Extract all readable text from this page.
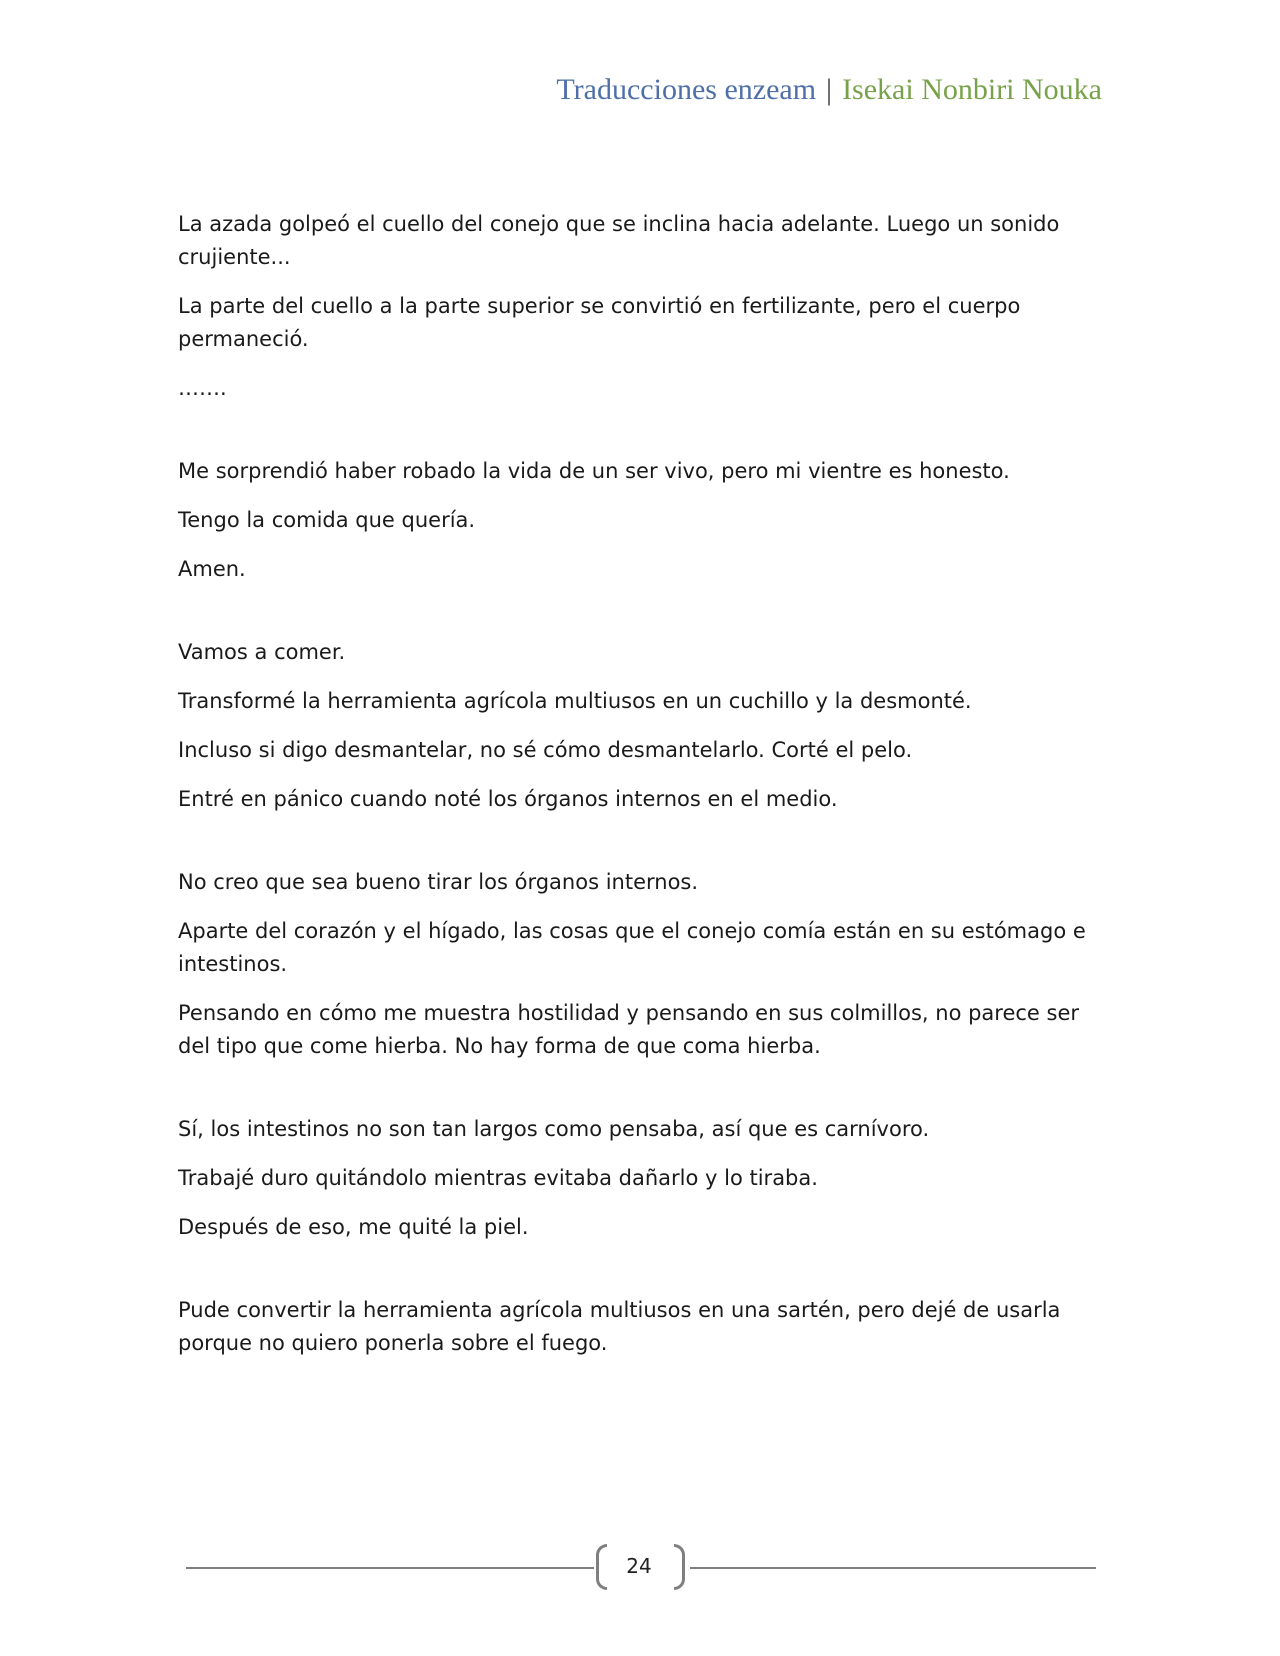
Traducciones enzeam | Isekai Nonbiri Nouka

La azada golpeó el cuello del conejo que se inclina hacia adelante. Luego un sonido crujiente...

La parte del cuello a la parte superior se convirtió en fertilizante, pero el cuerpo permaneció.

…….

Me sorprendió haber robado la vida de un ser vivo, pero mi vientre es honesto.

Tengo la comida que quería.

Amen.

Vamos a comer.

Transformé la herramienta agrícola multiusos en un cuchillo y la desmonté.

Incluso si digo desmantelar, no sé cómo desmantelarlo. Corté el pelo.

Entré en pánico cuando noté los órganos internos en el medio.

No creo que sea bueno tirar los órganos internos.

Aparte del corazón y el hígado, las cosas que el conejo comía están en su estómago e intestinos.

Pensando en cómo me muestra hostilidad y pensando en sus colmillos, no parece ser del tipo que come hierba. No hay forma de que coma hierba.

Sí, los intestinos no son tan largos como pensaba, así que es carnívoro.

Trabajé duro quitándolo mientras evitaba dañarlo y lo tiraba.

Después de eso, me quité la piel.

Pude convertir la herramienta agrícola multiusos en una sartén, pero dejé de usarla porque no quiero ponerla sobre el fuego.

24
